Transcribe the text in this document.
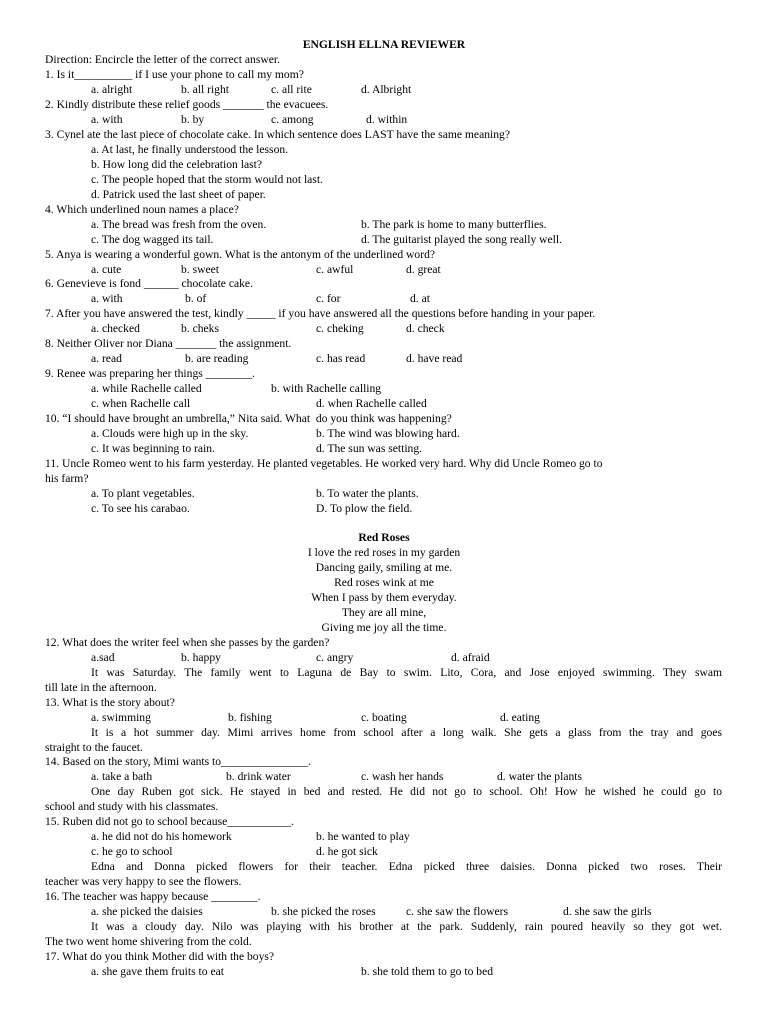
ENGLISH ELLNA REVIEWER
Direction: Encircle the letter of the correct answer.
1. Is it__________ if I use your phone to call my mom?
a. alright	b. all right	c. all rite	d. Albright
2. Kindly distribute these relief goods _______ the evacuees.
a. with	b. by	c. among	d. within
3. Cynel ate the last piece of chocolate cake. In which sentence does LAST have the same meaning?
a. At last, he finally understood the lesson.
b. How long did the celebration last?
c. The people hoped that the storm would not last.
d. Patrick used the last sheet of paper.
4. Which underlined noun names a place?
a. The bread was fresh from the oven.	b. The park is home to many butterflies.
c. The dog wagged its tail.	d. The guitarist played the song really well.
5. Anya is wearing a wonderful gown. What is the antonym of the underlined word?
a. cute	b. sweet	c. awful	d. great
6. Genevieve is fond ______ chocolate cake.
a. with	b. of	c. for	d. at
7. After you have answered the test, kindly _____ if you have answered all the questions before handing in your paper.
a. checked	b. cheks	c. cheking	d. check
8. Neither Oliver nor Diana _______ the assignment.
a. read	b. are reading	c. has read	d. have read
9. Renee was preparing her things ________.
a. while Rachelle called	b. with Rachelle calling
c. when Rachelle call	d. when Rachelle called
10. “I should have brought an umbrella,” Nita said. What  do you think was happening?
a. Clouds were high up in the sky.	b. The wind was blowing hard.
c. It was beginning to rain.	d. The sun was setting.
11. Uncle Romeo went to his farm yesterday. He planted vegetables. He worked very hard. Why did Uncle Romeo go to
his farm?
a. To plant vegetables.	b. To water the plants.
c. To see his carabao.	D. To plow the field.
Red Roses
I love the red roses in my garden
Dancing gaily, smiling at me.
Red roses wink at me
When I pass by them everyday.
They are all mine,
Giving me joy all the time.
12. What does the writer feel when she passes by the garden?
a.sad	b. happy	c. angry	d. afraid
It was Saturday. The family went to Laguna de Bay to swim. Lito, Cora, and Jose enjoyed swimming. They swam
till late in the afternoon.
13. What is the story about?
a. swimming	b. fishing	c. boating	d. eating
It is a hot summer day. Mimi arrives home from school after a long walk. She gets a glass from the tray and goes
straight to the faucet.
14. Based on the story, Mimi wants to_______________.
a. take a bath	b. drink water	c. wash her hands	d. water the plants
One day Ruben got sick. He stayed in bed and rested. He did not go to school. Oh! How he wished he could go to
school and study with his classmates.
15. Ruben did not go to school because___________.
a. he did not do his homework	b. he wanted to play
c. he go to school	d. he got sick
Edna and Donna picked flowers for their teacher. Edna picked three daisies. Donna picked two roses. Their
teacher was very happy to see the flowers.
16. The teacher was happy because ________.
a. she picked the daisies	b. she picked the roses	c. she saw the flowers	d. she saw the girls
It was a cloudy day. Nilo was playing with his brother at the park. Suddenly, rain poured heavily so they got wet.
The two went home shivering from the cold.
17. What do you think Mother did with the boys?
a. she gave them fruits to eat	b. she told them to go to bed
